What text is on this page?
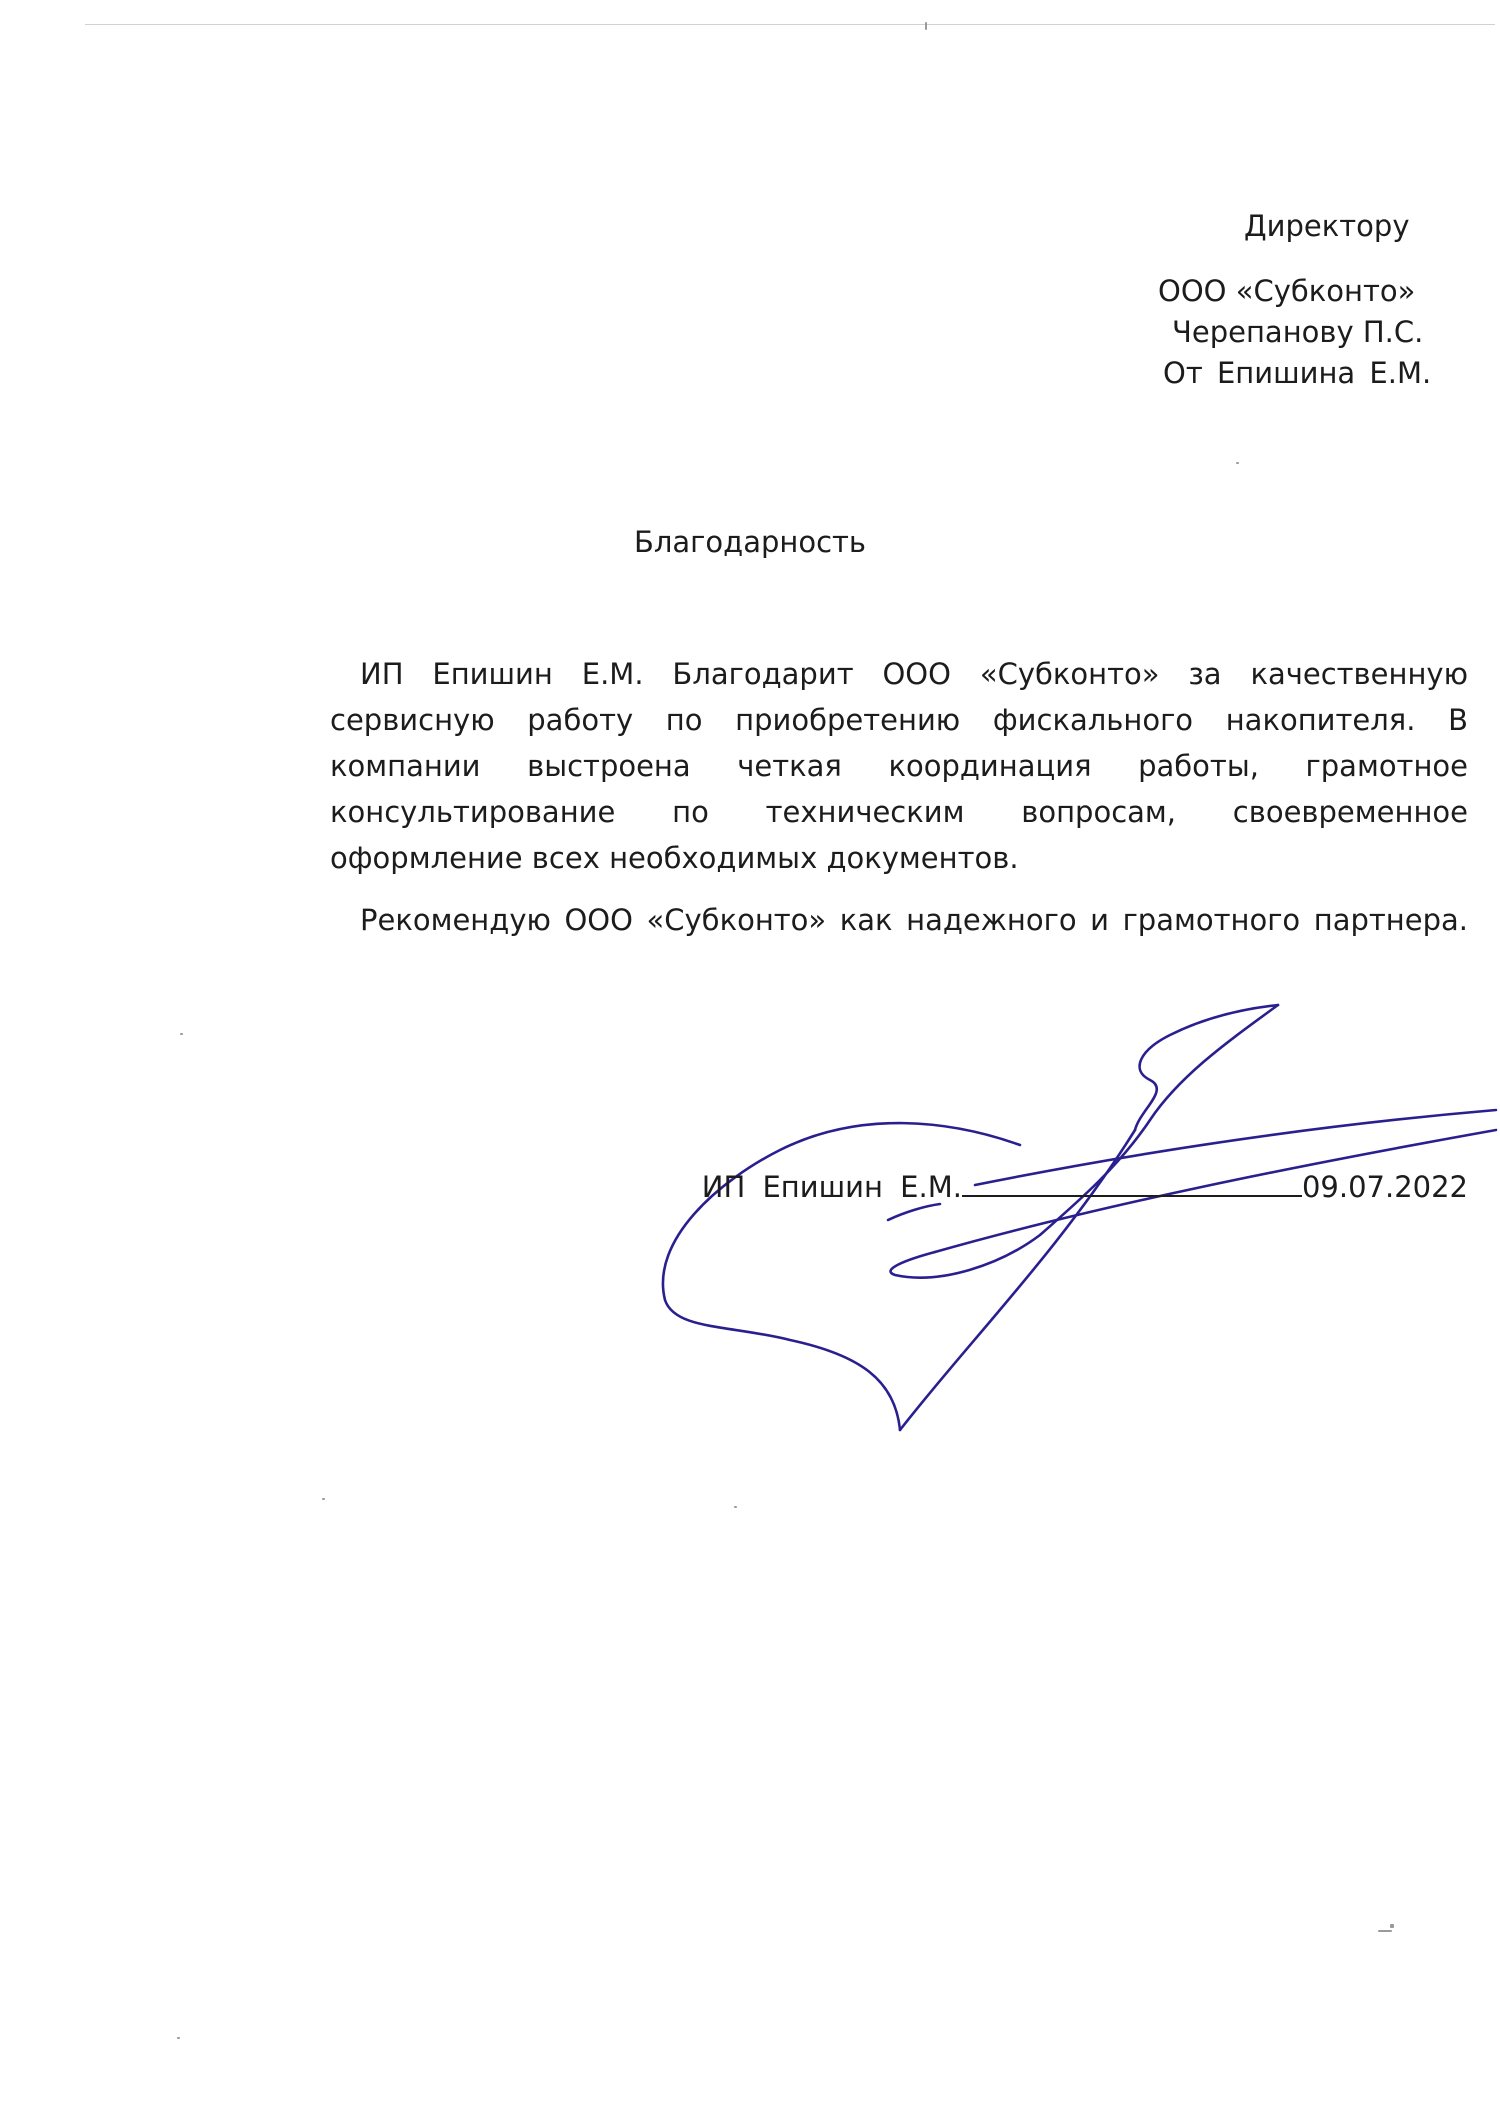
Директору
ООО «Субконто»
Черепанову П.С.
От Епишина Е.М.
Благодарность

ИП Епишин Е.М. Благодарит ООО «Субконто» за качественную сервисную работу по приобретению фискального накопителя. В компании выстроена четкая координация работы, грамотное консультирование по техническим вопросам, своевременное оформление всех необходимых документов.

Рекомендую ООО «Субконто» как надежного и грамотного партнера.

ИП Епишин Е.М.	09.07.2022
